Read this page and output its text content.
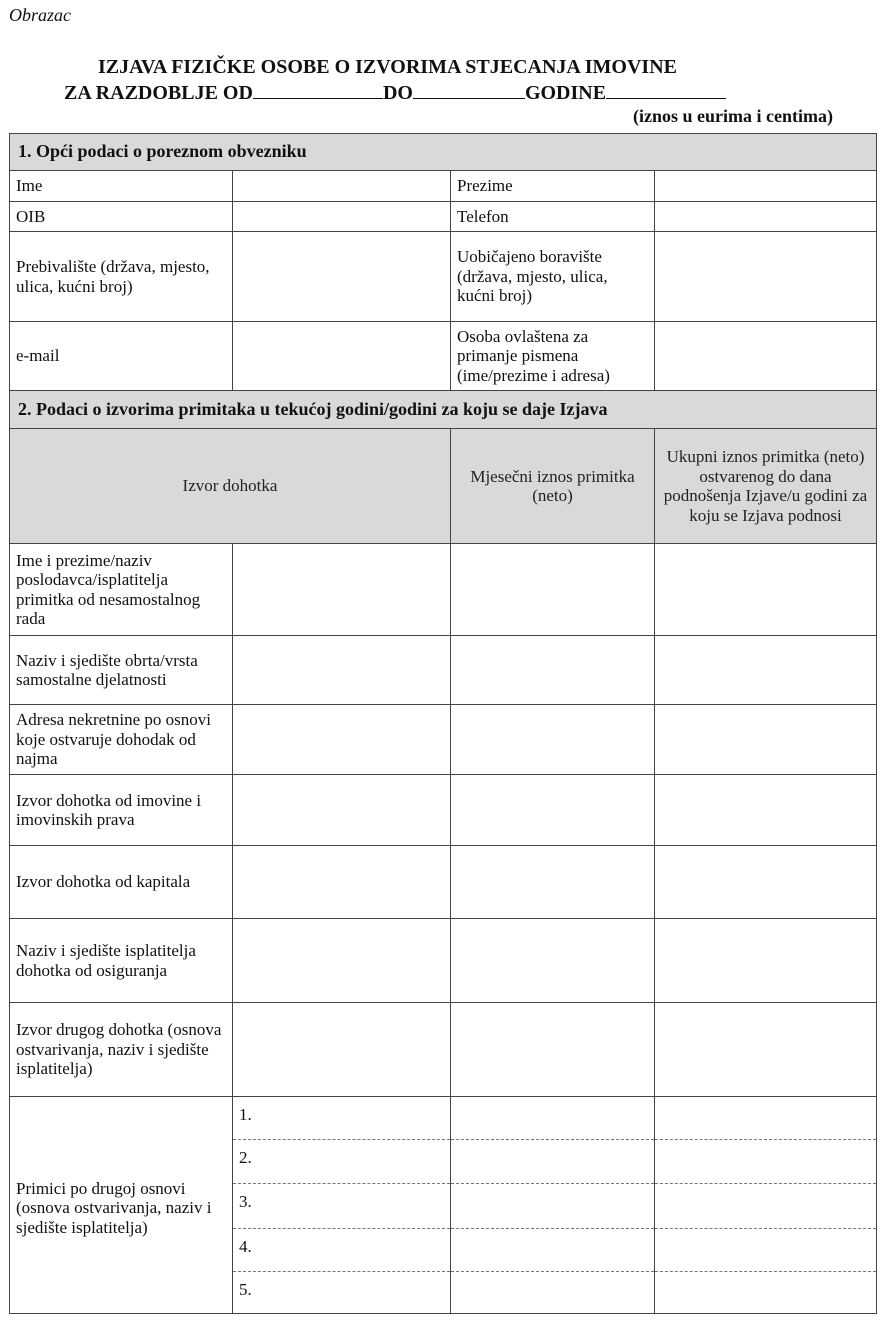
Obrazac
IZJAVA FIZIČKE OSOBE O IZVORIMA STJECANJA IMOVINE
ZA RAZDOBLJE OD	DO	GODINE
(iznos u eurima i centima)
1. Opći podaci o poreznom obvezniku			
Ime		Prezime	
OIB		Telefon	
Prebivalište (država, mjesto, ulica, kućni broj)		Uobičajeno boravište (država, mjesto, ulica, kućni broj)	
e-mail		Osoba ovlaštena za primanje pismena (ime/prezime i adresa)	
2. Podaci o izvorima primitaka u tekućoj godini/godini za koju se daje Izjava			
Izvor dohotka		Mjesečni iznos primitka (neto)	Ukupni iznos primitka (neto) ostvarenog do dana podnošenja Izjave/u godini za koju se Izjava podnosi
Ime i prezime/naziv poslodavca/isplatitelja primitka od nesamostalnog rada			
Naziv i sjedište obrta/vrsta samostalne djelatnosti			
Adresa nekretnine po osnovi koje ostvaruje dohodak od najma			
Izvor dohotka od imovine i imovinskih prava			
Izvor dohotka od kapitala			
Naziv i sjedište isplatitelja dohotka od osiguranja			
Izvor drugog dohotka (osnova ostvarivanja, naziv i sjedište isplatitelja)			
Primici po drugoj osnovi (osnova ostvarivanja, naziv i sjedište isplatitelja)	1.		
	2.		
	3.		
	4.		
	5.		
